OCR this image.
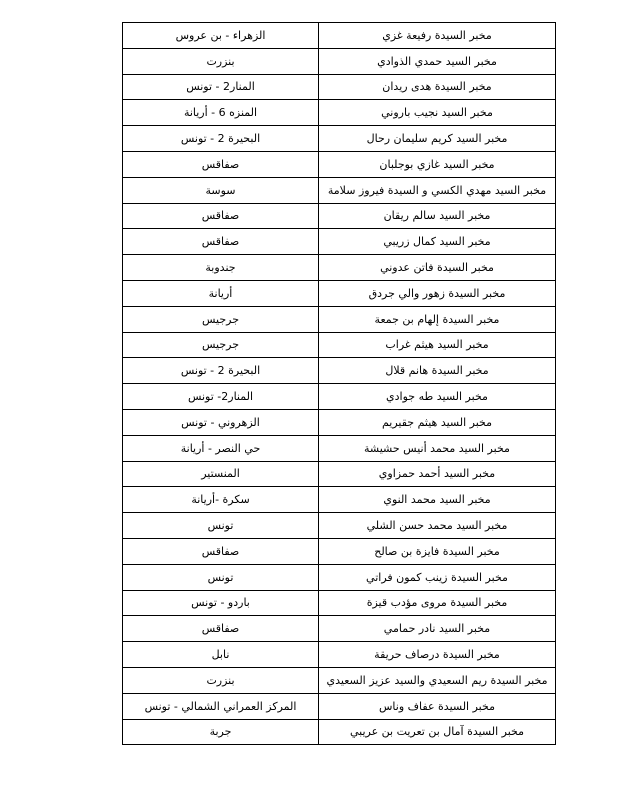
مخبر السيدة رفيعة غزي	الزهراء - بن عروس
مخبر السيد حمدي الذوادي	بنزرت
مخبر السيدة هدى ريدان	المنار2 - تونس
مخبر السيد نجيب باروني	المنزه 6 - أريانة
مخبر السيد كريم سليمان رحال	البحيرة 2 - تونس
مخبر السيد غازي بوجلبان	صفاقس
مخبر السيد مهدي الكسي و السيدة فيروز سلامة	سوسة
مخبر السيد سالم ريقان	صفاقس
مخبر السيد كمال زريبي	صفاقس
مخبر السيدة فاتن عدوني	جندوبة
مخبر السيدة زهور والي جردق	أريانة
مخبر السيدة إلهام بن جمعة	جرجيس
مخبر السيد هيثم غراب	جرجيس
مخبر السيدة هانم قلال	البحيرة 2 - تونس
مخبر السيد طه جوادي	المنار2- تونس
مخبر السيد هيثم جقيريم	الزهروني - تونس
مخبر السيد محمد أنيس حشيشة	حي النصر - أريانة
مخبر السيد أحمد حمزاوي	المنستير
مخبر السيد محمد النوي	سكرة -أريانة
مخبر السيد محمد حسن الشلي	تونس
مخبر السيدة فايزة بن صالح	صفاقس
مخبر السيدة زينب كمون فراتي	تونس
مخبر السيدة مروى مؤدب قيزة	باردو - تونس
مخبر السيد نادر حمامي	صفاقس
مخبر السيدة درصاف حريقة	نابل
مخبر السيدة ريم السعيدي والسيد عزيز السعيدي	بنزرت
مخبر السيدة عفاف وناس	المركز العمراني الشمالي - تونس
مخبر السيدة آمال بن تعريت بن عريبي	جربة
